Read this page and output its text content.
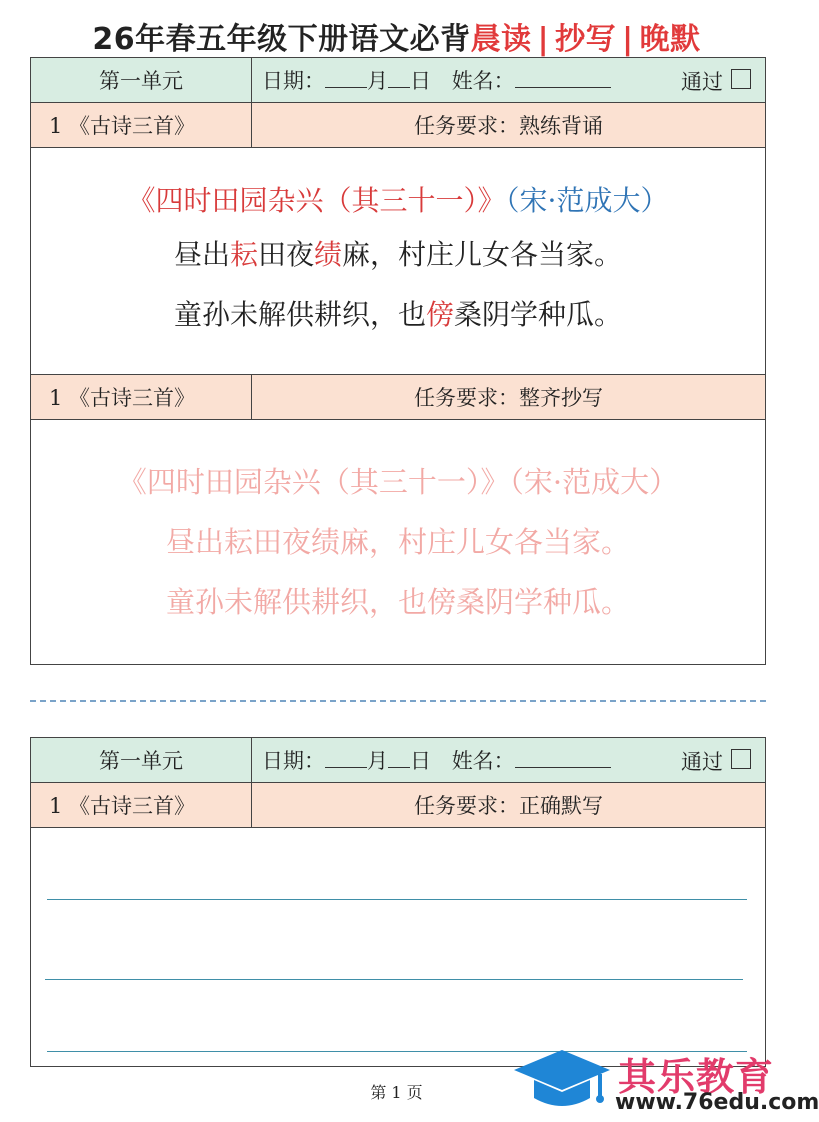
26年春五年级下册语文必背晨读 | 抄写 | 晚默
第一单元	日期： 月 日 姓名： 通过

1 《古诗三首》	任务要求：熟练背诵

《四时田园杂兴（其三十一）》（宋·范成大）
昼出耘田夜绩麻，村庄儿女各当家。
童孙未解供耕织，也傍桑阴学种瓜。	

1 《古诗三首》	任务要求：整齐抄写

《四时田园杂兴（其三十一）》（宋·范成大）
昼出耘田夜绩麻，村庄儿女各当家。
童孙未解供耕织，也傍桑阴学种瓜。	
第一单元	日期： 月 日 姓名： 通过

1 《古诗三首》	任务要求：正确默写

第 1 页	其乐教育
www.76edu.com
